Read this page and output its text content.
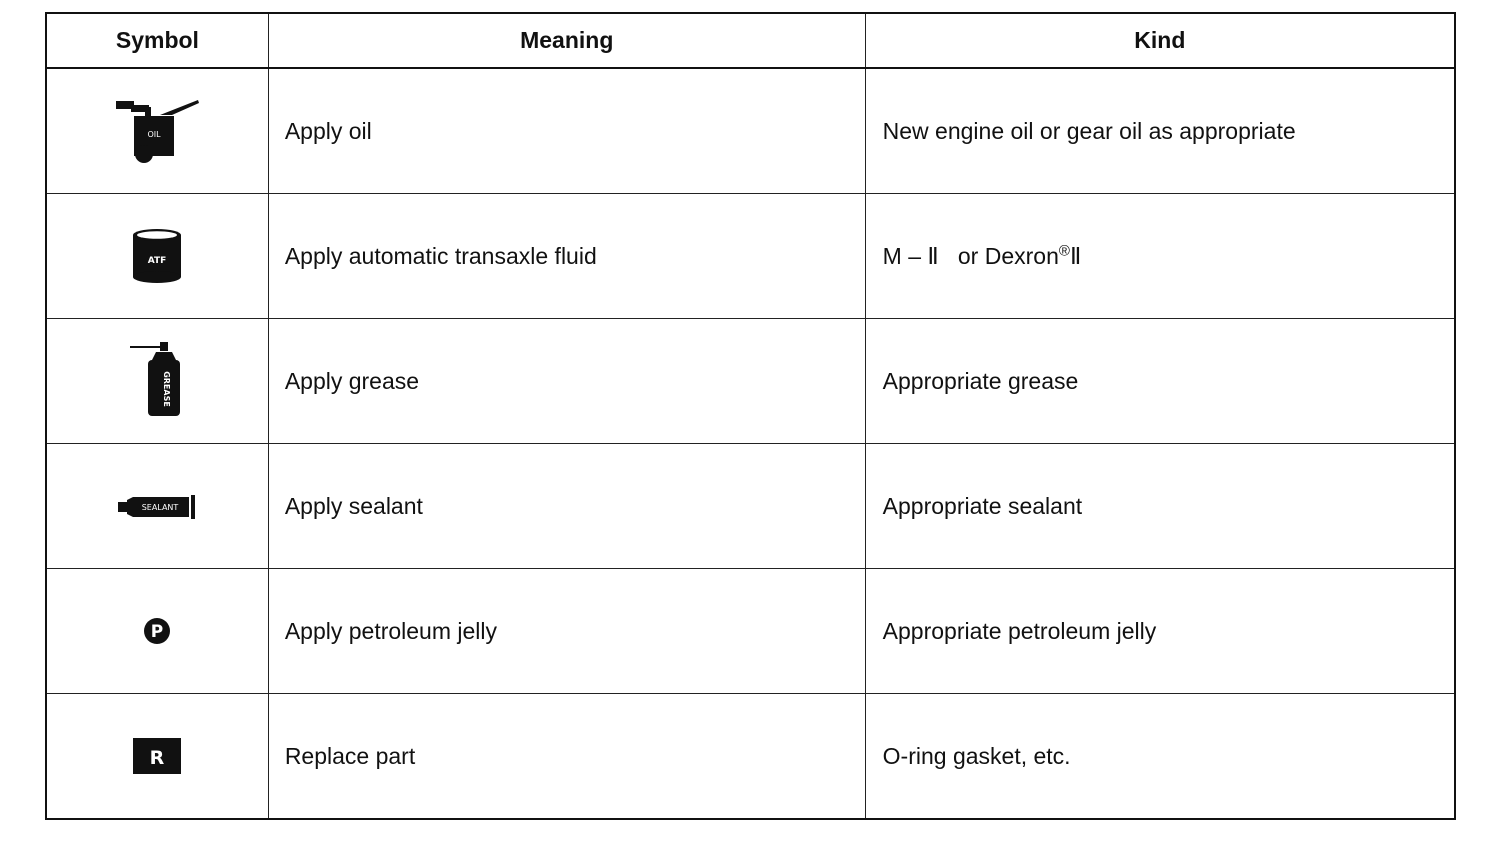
Symbol	Meaning	Kind

OIL	Apply oil	New engine oil or gear oil as appropriate

ATF	Apply automatic transaxle fluid	M – Ⅱ   or Dexron®Ⅱ

GREASE	Apply grease	Appropriate grease

SEALANT	Apply sealant	Appropriate sealant

P	Apply petroleum jelly	Appropriate petroleum jelly

R	Replace part	O-ring gasket, etc.
